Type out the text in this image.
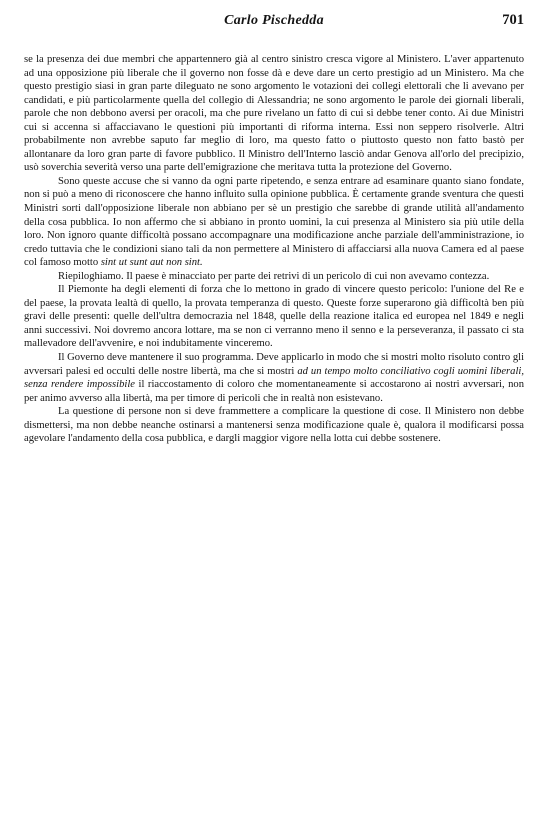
Carlo Pischedda	701

se la presenza dei due membri che appartennero già al centro sinistro cresca vigore al Ministero. L'aver appartenuto ad una opposizione più liberale che il governo non fosse dà e deve dare un certo prestigio ad un Ministero. Ma che questo prestigio siasi in gran parte dileguato ne sono argomento le votazioni dei collegi elettorali che li avevano per candidati, e più particolarmente quella del collegio di Alessandria; ne sono argomento le parole dei giornali liberali, parole che non debbono aversi per oracoli, ma che pure rivelano un fatto di cui si debbe tener conto. Ai due Ministri cui si accenna si affacciavano le questioni più importanti di riforma interna. Essi non seppero risolverle. Altri probabilmente non avrebbe saputo far meglio di loro, ma questo fatto o piuttosto questo non fatto bastò per allontanare da loro gran parte di favore pubblico. Il Ministro dell'Interno lasciò andar Genova all'orlo del precipizio, usò soverchia severità verso una parte dell'emigrazione che meritava tutta la protezione del Governo.

Sono queste accuse che si vanno da ogni parte ripetendo, e senza entrare ad esaminare quanto siano fondate, non si può a meno di riconoscere che hanno influito sulla opinione pubblica. È certamente grande sventura che questi Ministri sorti dall'opposizione liberale non abbiano per sè un prestigio che sarebbe di grande utilità all'andamento della cosa pubblica. Io non affermo che si abbiano in pronto uomini, la cui presenza al Ministero sia più utile della loro. Non ignoro quante difficoltà possano accompagnare una modificazione anche parziale dell'amministrazione, io credo tuttavia che le condizioni siano tali da non permettere al Ministero di affacciarsi alla nuova Camera ed al paese col famoso motto sint ut sunt aut non sint.

Riepiloghiamo. Il paese è minacciato per parte dei retrivi di un pericolo di cui non avevamo contezza.

Il Piemonte ha degli elementi di forza che lo mettono in grado di vincere questo pericolo: l'unione del Re e del paese, la provata lealtà di quello, la provata temperanza di questo. Queste forze superarono già difficoltà ben più gravi delle presenti: quelle dell'ultra democrazia nel 1848, quelle della reazione italica ed europea nel 1849 e negli anni successivi. Noi dovremo ancora lottare, ma se non ci verranno meno il senno e la perseveranza, il passato ci sta mallevadore dell'avvenire, e noi indubitamente vinceremo.

Il Governo deve mantenere il suo programma. Deve applicarlo in modo che si mostri molto risoluto contro gli avversari palesi ed occulti delle nostre libertà, ma che si mostri ad un tempo molto conciliativo cogli uomini liberali, senza rendere impossibile il riaccostamento di coloro che momentaneamente si accostarono ai nostri avversari, non per animo avverso alla libertà, ma per timore di pericoli che in realtà non esistevano.

La questione di persone non si deve frammettere a complicare la questione di cose. Il Ministero non debbe dismettersi, ma non debbe neanche ostinarsi a mantenersi senza modificazione quale è, qualora il modificarsi possa agevolare l'andamento della cosa pubblica, e dargli maggior vigore nella lotta cui debbe sostenere.
